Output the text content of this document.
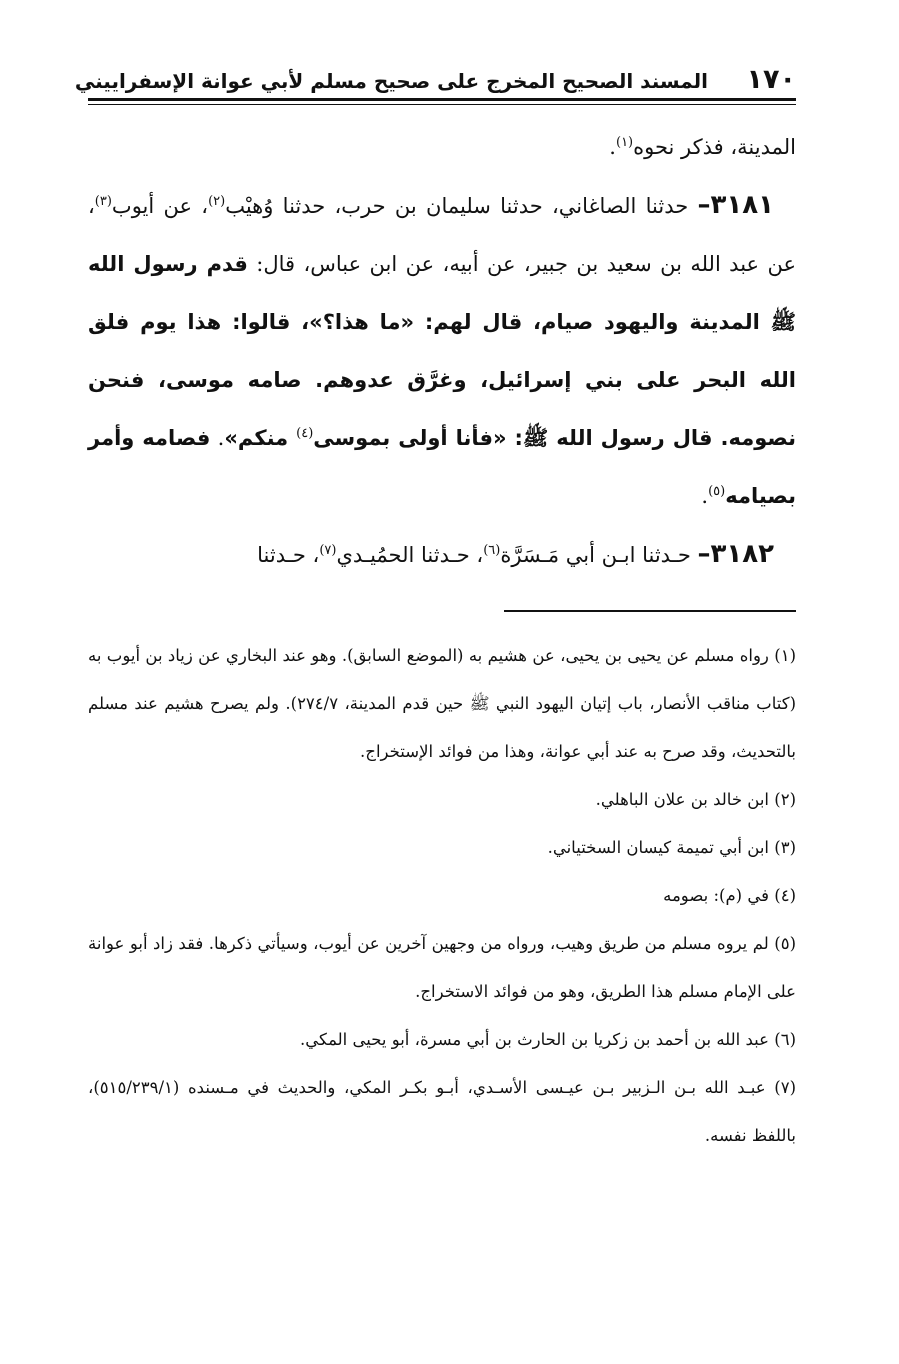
١٧٠
المسند الصحيح المخرج على صحيح مسلم لأبي عوانة الإسفراييني

المدينة، فذكر نحوه$^{(١)}$.

٣١٨١– حدثنا الصاغاني، حدثنا سليمان بن حرب، حدثنا وُهيْب$^{(٢)}$، عن أيوب$^{(٣)}$، عن عبد الله بن سعيد بن جبير، عن أبيه، عن ابن عباس، قال: قدم رسول الله ﷺ المدينة واليهود صيام، قال لهم: «ما هذا؟»، قالوا: هذا يوم فلق الله البحر على بني إسرائيل، وغرَّق عدوهم. صامه موسى، فنحن نصومه. قال رسول الله ﷺ: «فأنا أولى بموسى$^{(٤)}$ منكم». فصامه وأمر بصيامه$^{(٥)}$.

٣١٨٢– حـدثنا ابـن أبي مَـسَرَّة$^{(٦)}$، حـدثنا الحمُيـدي$^{(٧)}$، حـدثنا

(١) رواه مسلم عن يحيى بن يحيى، عن هشيم به (الموضع السابق). وهو عند البخاري عن زياد بن أيوب به (كتاب مناقب الأنصار، باب إتيان اليهود النبي ﷺ حين قدم المدينة، ٢٧٤/٧). ولم يصرح هشيم عند مسلم بالتحديث، وقد صرح به عند أبي عوانة، وهذا من فوائد الإستخراج.

(٢) ابن خالد بن علان الباهلي.

(٣) ابن أبي تميمة كيسان السختياني.

(٤) في (م): بصومه

(٥) لم يروه مسلم من طريق وهيب، ورواه من وجهين آخرين عن أيوب، وسيأتي ذكرها. فقد زاد أبو عوانة على الإمام مسلم هذا الطريق، وهو من فوائد الاستخراج.

(٦) عبد الله بن أحمد بن زكريا بن الحارث بن أبي مسرة، أبو يحيى المكي.

(٧) عبـد الله بـن الـزبير بـن عيـسى الأسـدي، أبـو بكـر المكي، والحديث في مـسنده (٥١٥/٢٣٩/١)، باللفظ نفسه.
